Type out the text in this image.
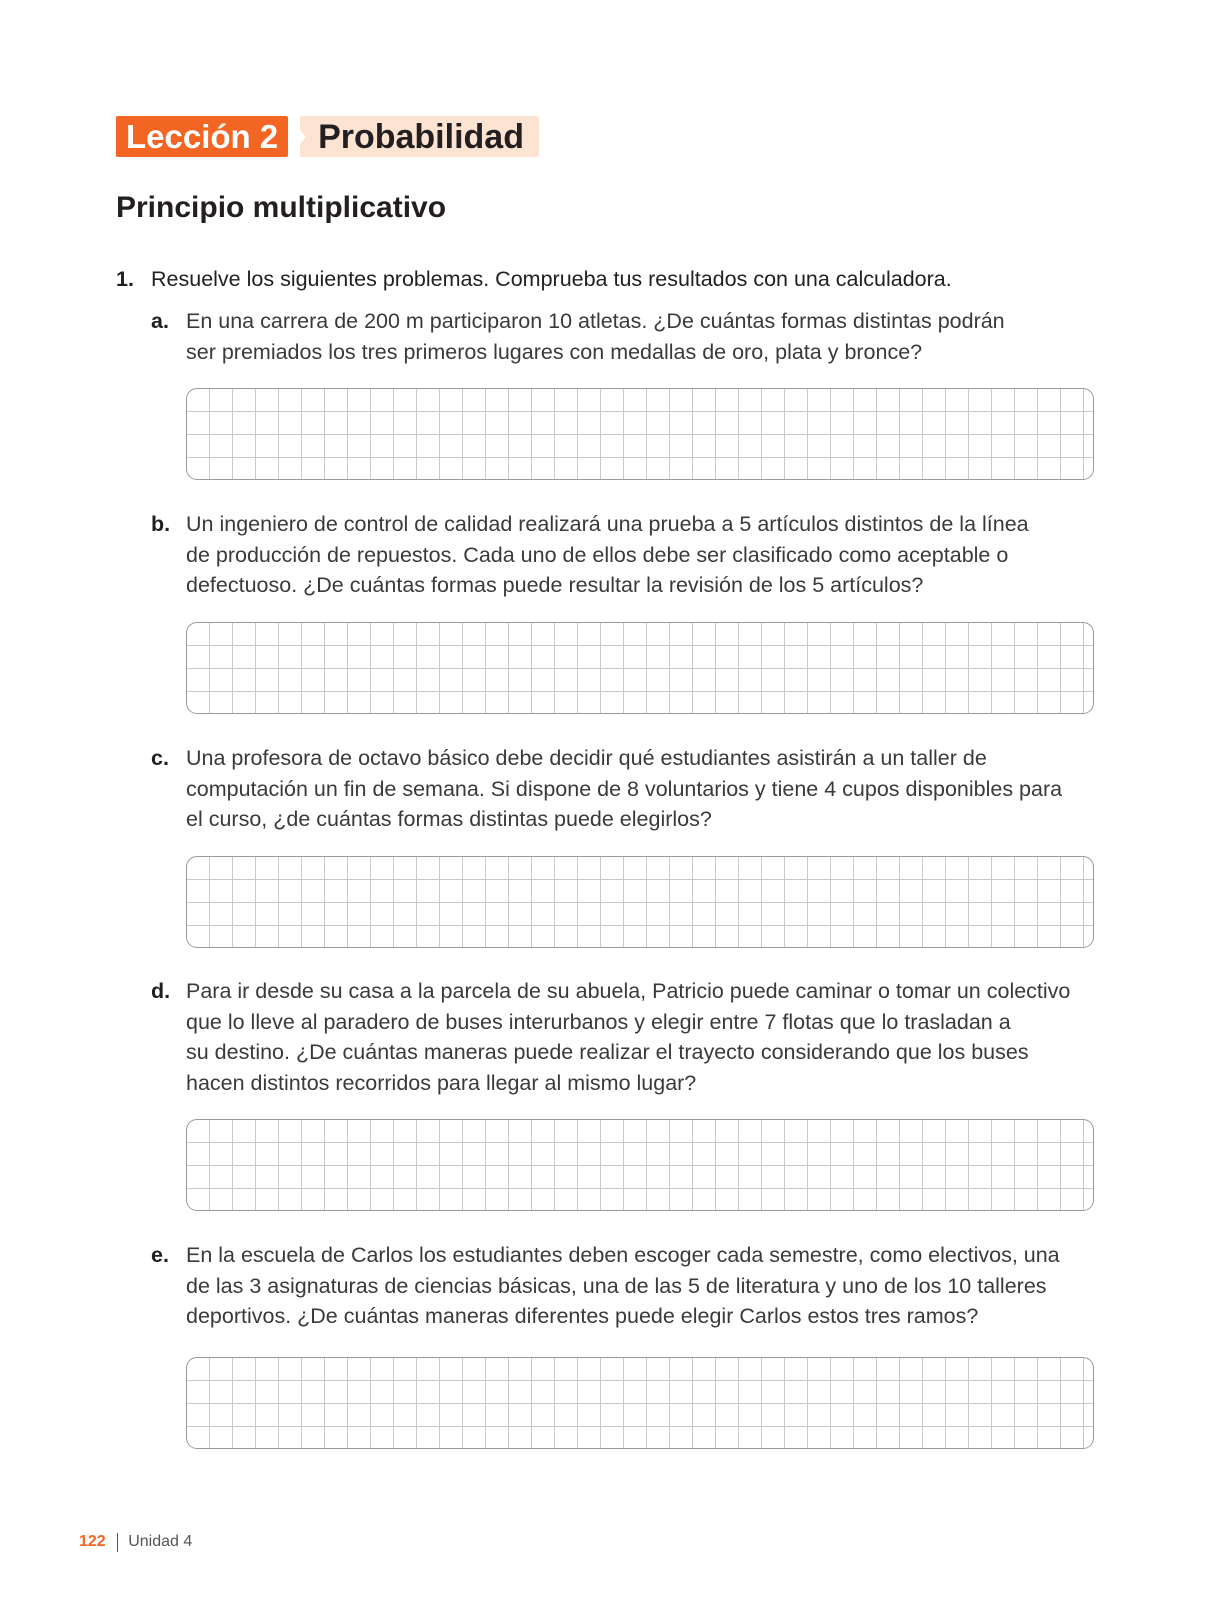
Lección 2	Probabilidad
Principio multiplicativo
1. Resuelve los siguientes problemas. Comprueba tus resultados con una calculadora.
a. En una carrera de 200 m participaron 10 atletas. ¿De cuántas formas distintas podrán
ser premiados los tres primeros lugares con medallas de oro, plata y bronce?
b. Un ingeniero de control de calidad realizará una prueba a 5 artículos distintos de la línea
de producción de repuestos. Cada uno de ellos debe ser clasificado como aceptable o
defectuoso. ¿De cuántas formas puede resultar la revisión de los 5 artículos?
c. Una profesora de octavo básico debe decidir qué estudiantes asistirán a un taller de
computación un fin de semana. Si dispone de 8 voluntarios y tiene 4 cupos disponibles para
el curso, ¿de cuántas formas distintas puede elegirlos?
d. Para ir desde su casa a la parcela de su abuela, Patricio puede caminar o tomar un colectivo
que lo lleve al paradero de buses interurbanos y elegir entre 7 flotas que lo trasladan a
su destino. ¿De cuántas maneras puede realizar el trayecto considerando que los buses
hacen distintos recorridos para llegar al mismo lugar?
e. En la escuela de Carlos los estudiantes deben escoger cada semestre, como electivos, una
de las 3 asignaturas de ciencias básicas, una de las 5 de literatura y uno de los 10 talleres
deportivos. ¿De cuántas maneras diferentes puede elegir Carlos estos tres ramos?
122 Unidad 4
